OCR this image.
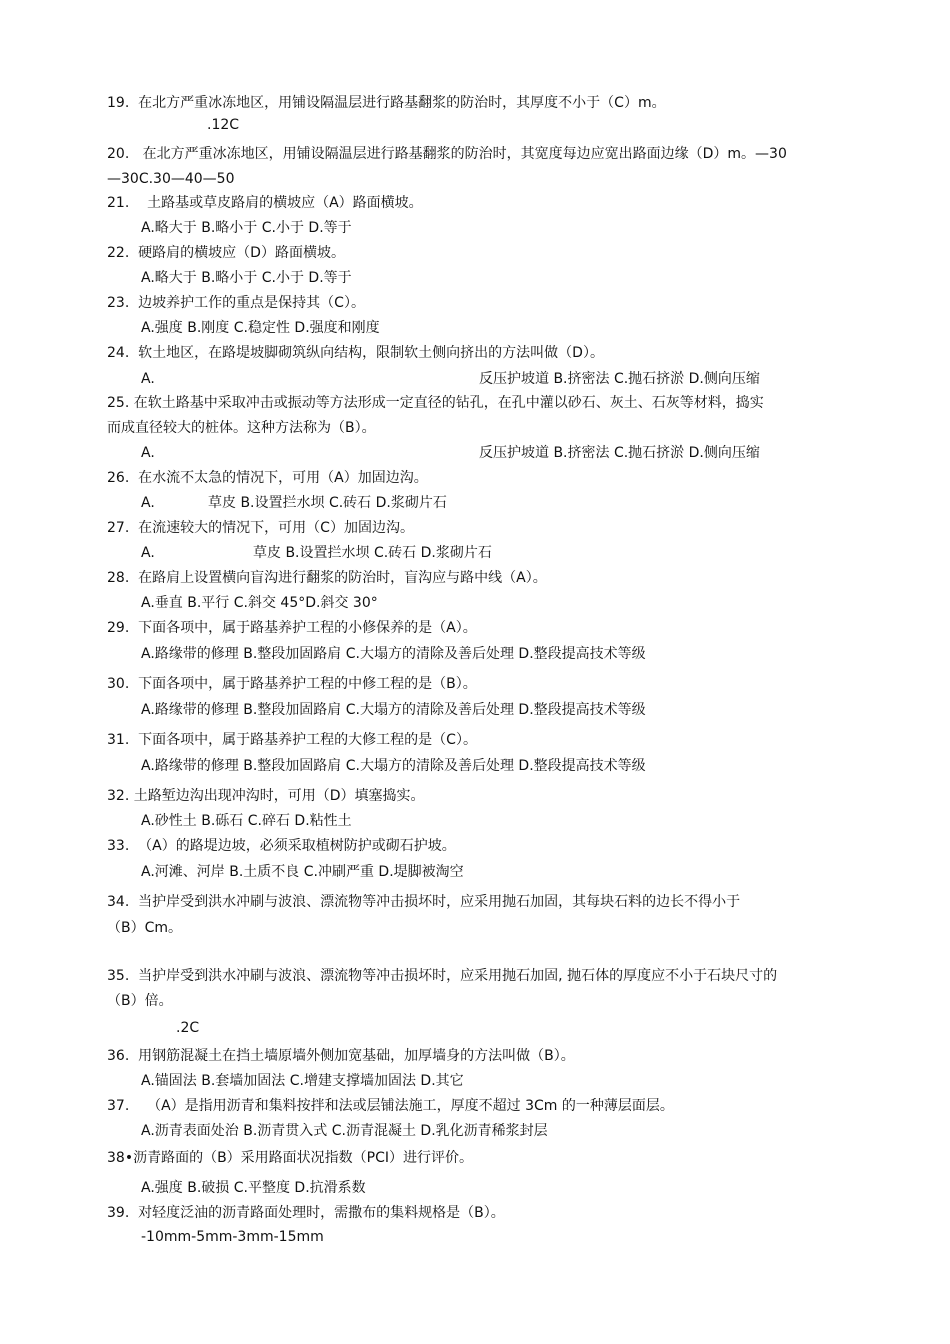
19.  在北方严重冰冻地区，用铺设隔温层进行路基翻浆的防治时，其厚度不小于（C）m。
.12C
20.   在北方严重冰冻地区，用铺设隔温层进行路基翻浆的防治时，其宽度每边应宽出路面边缘（D）m。—30
—30C.30—40—50
21.    土路基或草皮路肩的横坡应（A）路面横坡。
A.略大于 B.略小于 C.小于 D.等于
22.  硬路肩的横坡应（D）路面横坡。
A.略大于 B.略小于 C.小于 D.等于
23.  边坡养护工作的重点是保持其（C）。
A.强度 B.刚度 C.稳定性 D.强度和刚度
24.  软土地区，在路堤坡脚砌筑纵向结构，限制软土侧向挤出的方法叫做（D）。
A.	反压护坡道 B.挤密法 C.抛石挤淤 D.侧向压缩
25. 在软土路基中采取冲击或振动等方法形成一定直径的钻孔，在孔中灌以砂石、灰土、石灰等材料，捣实
而成直径较大的桩体。这种方法称为（B）。
A.	反压护坡道 B.挤密法 C.抛石挤淤 D.侧向压缩
26.  在水流不太急的情况下，可用（A）加固边沟。
A.	草皮 B.设置拦水坝 C.砖石 D.浆砌片石
27.  在流速较大的情况下，可用（C）加固边沟。
A.	草皮 B.设置拦水坝 C.砖石 D.浆砌片石
28.  在路肩上设置横向盲沟进行翻浆的防治时，盲沟应与路中线（A）。
A.垂直 B.平行 C.斜交 45°D.斜交 30°
29.  下面各项中，属于路基养护工程的小修保养的是（A）。
A.路缘带的修理 B.整段加固路肩 C.大塌方的清除及善后处理 D.整段提高技术等级
30.  下面各项中，属于路基养护工程的中修工程的是（B）。
A.路缘带的修理 B.整段加固路肩 C.大塌方的清除及善后处理 D.整段提高技术等级
31.  下面各项中，属于路基养护工程的大修工程的是（C）。
A.路缘带的修理 B.整段加固路肩 C.大塌方的清除及善后处理 D.整段提高技术等级
32. 土路堑边沟出现冲沟时，可用（D）填塞捣实。
A.砂性土 B.砾石 C.碎石 D.粘性土
33.  （A）的路堤边坡，必须采取植树防护或砌石护坡。
A.河滩、河岸 B.土质不良 C.冲刷严重 D.堤脚被淘空
34.  当护岸受到洪水冲刷与波浪、漂流物等冲击损坏时，应采用抛石加固，其每块石料的边长不得小于
（B）Cm。
35.  当护岸受到洪水冲刷与波浪、漂流物等冲击损坏时，应采用抛石加固, 抛石体的厚度应不小于石块尺寸的
（B）倍。
.2C
36.  用钢筋混凝土在挡土墙原墙外侧加宽基础，加厚墙身的方法叫做（B）。
A.锚固法 B.套墙加固法 C.增建支撑墙加固法 D.其它
37.    （A）是指用沥青和集料按拌和法或层铺法施工，厚度不超过 3Cm 的一种薄层面层。
A.沥青表面处治 B.沥青贯入式 C.沥青混凝土 D.乳化沥青稀浆封层
38•沥青路面的（B）采用路面状况指数（PCI）进行评价。
A.强度 B.破损 C.平整度 D.抗滑系数
39.  对轻度泛油的沥青路面处理时，需撒布的集料规格是（B）。
-10mm-5mm-3mm-15mm
